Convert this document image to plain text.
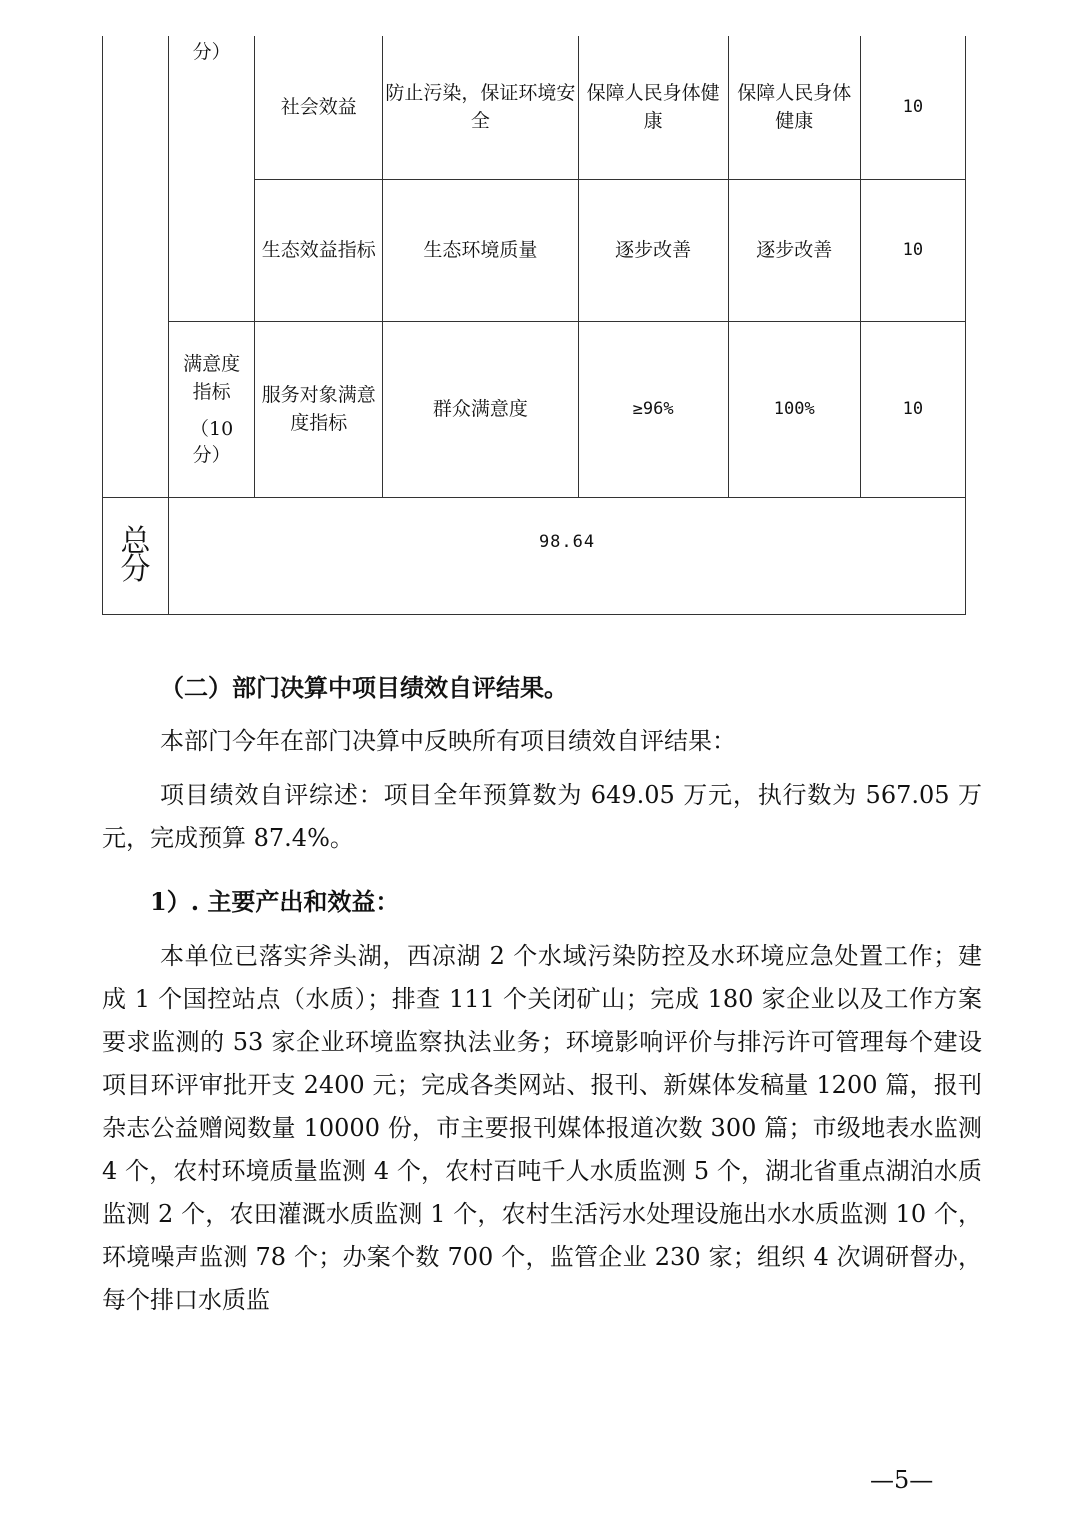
	分）	社会效益	防止污染，保证环境安全	保障人民身体健康	保障人民身体健康	10
		生态效益指标	生态环境质量	逐步改善	逐步改善	10

	满意度
指标
（10
分）	服务对象满意度指标	群众满意度	≥96%	100%	10

总
分	98.64					
（二）部门决算中项目绩效自评结果。
本部门今年在部门决算中反映所有项目绩效自评结果：
项目绩效自评综述：项目全年预算数为 649.05 万元，执行数为 567.05 万元，完成预算 87.4%。
1）. 主要产出和效益：
本单位已落实斧头湖，西凉湖 2 个水域污染防控及水环境应急处置工作；建成 1 个国控站点（水质）；排查 111 个关闭矿山；完成 180 家企业以及工作方案要求监测的 53 家企业环境监察执法业务；环境影响评价与排污许可管理每个建设项目环评审批开支 2400 元；完成各类网站、报刊、新媒体发稿量 1200 篇，报刊杂志公益赠阅数量 10000 份，市主要报刊媒体报道次数 300 篇；市级地表水监测 4 个，农村环境质量监测 4 个，农村百吨千人水质监测 5 个，湖北省重点湖泊水质监测 2 个，农田灌溉水质监测 1 个，农村生活污水处理设施出水水质监测 10 个，环境噪声监测 78 个；办案个数 700 个，监管企业 230 家；组织 4 次调研督办，每个排口水质监
—5—
